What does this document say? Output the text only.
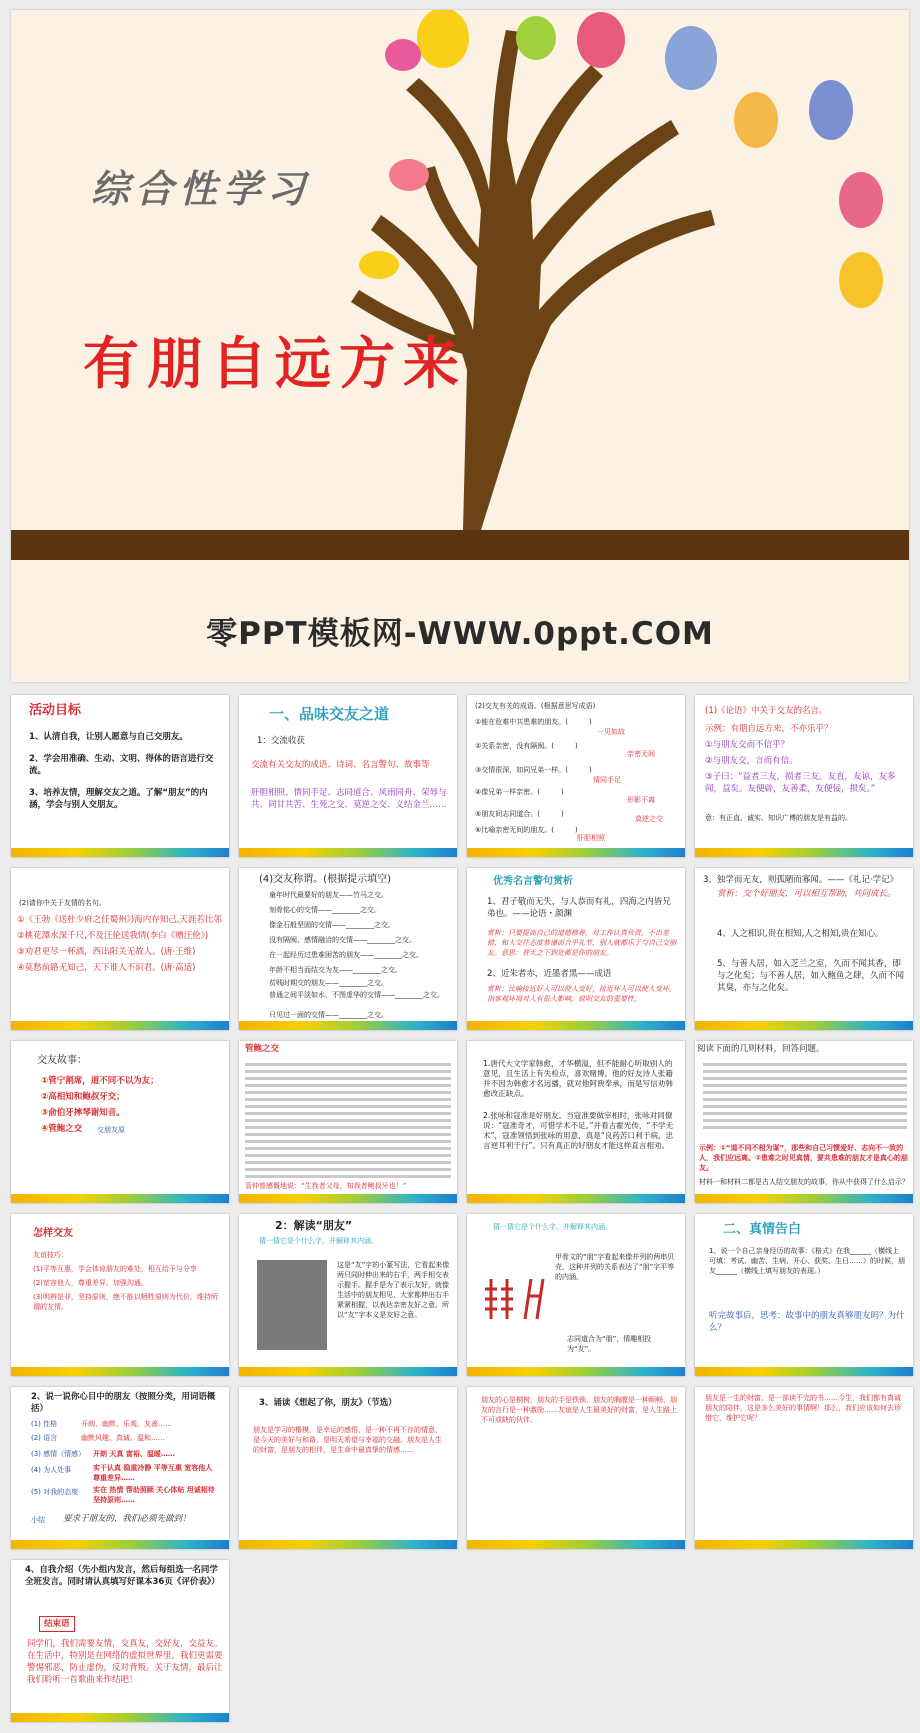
综合性学习
有朋自远方来
零PPT模板网-WWW.0ppt.COM
活动目标
1、认清自我，让别人愿意与自己交朋友。
2、学会用准确、生动、文明、得体的语言进行交流。
3、培养友情，理解交友之道。了解“朋友”的内涵，学会与别人交朋友。
一、品味交友之道
1：交流收获
交流有关交友的成语、诗词、名言警句、故事等
肝胆相照、情同手足、志同道合、风雨同舟、荣辱与共、同甘共苦、生死之交、莫逆之交、义结金兰……
(2)交友有关的成语。(根据意思写成语)
①能在危难中共患难的朋友。(　　　)
②关系亲密，没有隔阂。(　　　)
③交情很深，如同兄弟一样。(　　　)
④像兄弟一样亲密。(　　　)
⑤朋友间志同道合。(　　　)
⑥比喻亲密无间的朋友。(　　　)
一见如故
亲密无间
情同手足
形影不离
莫逆之交
肝胆相照
(1)《论语》中关于交友的名言。
示例：有朋自远方来，不亦乐乎？
①与朋友交而不信乎？
②与朋友交，言而有信。
③子曰：“益者三友，损者三友。友直，友谅，友多闻，益矣。友便辟，友善柔，友便佞，损矣。”
意：有正直、诚实、知识广博的朋友是有益的。
(2)请你中关于友情的名句。
①《王勃《送杜少府之任蜀州》)海内存知己,天涯若比邻
②桃花潭水深千尺,不及汪伦送我情(李白《赠汪伦》)
③劝君更尽一杯酒，西出阳关无故人。(唐·王维)
④莫愁前路无知己，天下谁人不识君。(唐·高适)
(4)交友称谓。(根据提示填空)
童年时代最要好的朋友——竹马之交。
刻骨铭心的交情——________之交。
像金石般坚固的交情——________之交。
没有隔阂、感情融洽的交情——________之交。
在一起经历过患难困苦的朋友——________之交。
年龄不相当而结交为友——________之交。
贫贱时期交的朋友——________之交。
普通之间平淡如水，不图虚华的交情——________之交。
只见过一面的交情——________之交。
优秀名言警句赏析
1、君子敬而无失，与人恭而有礼，四海之内皆兄弟也。——论语・颜渊
赏析：只要提高自己的道德修养，对工作认真负责，不出差错，和人交往态度恭谨而合乎礼节，别人就都乐于与自己交朋友。意思：普天之下到处都是你的朋友。
2、近朱者赤，近墨者黑——成语
赏析：比喻接近好人可以使人变好，接近坏人可以使人变坏。指客观环境对人有很大影响，说明交友的重要性。
3、独学而无友，则孤陋而寡闻。——《礼记·学记》
赏析：交个好朋友，可以相互帮助，共同成长。
4、人之相识,贵在相知,人之相知,贵在知心。
5、与善人居，如入芝兰之室，久而不闻其香，即与之化矣；与不善人居，如入鲍鱼之肆，久而不闻其臭，亦与之化矣。
交友故事：
①管宁割席，道不同不以为友；
②高相知和鲍叔牙交；
③俞伯牙摔琴谢知音。
④管鲍之交 交朋友原
管鲍之交
管仲曾感慨地说：“生我者父母，知我者鲍叔牙也！”
1.唐代大文学家韩愈，才华横溢，但不能耐心听取别人的意见，且生活上有失检点，喜欢赌博。他的好友诗人张籍并不因为韩愈才名远播，就对他阿谀奉承，而是写信劝韩愈改正缺点。
2.张咏和寇准是好朋友。当寇准要做宰相时，张咏对同僚说：“寇准奇才，可惜学术不足。”并看古霍光传，“不学无术”，寇准领悟到张咏的用意，真是“良药苦口利于病，忠言逆耳利于行”。只有真正的好朋友才能这样直言相劝。
阅读下面的几则材料，回答问题。
示例：①“道不同不相为谋”，那些和自己习惯爱好、志向不一致的人，我们应远离。②患难之时见真情，要共患难的朋友才是真心的朋友。
材料一和材料二都是古人结交朋友的故事，你从中获得了什么启示？
怎样交友
友谊技巧：
(1)平等互惠，学会体谅朋友的难处，相互给予与分享
(2)宽容他人，尊重差异，加强沟通。
(3)明辨是非，坚持原则，绝不能以牺牲原则为代价，维持所谓的友情。
2：解读“朋友”
猜一猜它是个什么字，并解释其内涵。
这是“友”字的小篆写法，它看起来像两只同时伸出来的右手，两手相交表示握手。握手是为了表示友好，就像生活中的朋友相见，大家都伸出右手紧紧相握，以表达亲密友好之意。所以“友”字本义是友好之意。
猜一猜它是个什么字，并解释其内涵。
甲骨文的“朋”字看起来像并列的两串贝壳，这种并列的关系表达了“朋”字平等的内涵。
志同道合为“朋”，情趣相投为“友”。
二、真情告白
1、说一个自己亲身经历的故事：《格式》在我______（横线上可填：考试、幽苦、生病、开心、获奖、生日……）的时候，朋友______（横线上填写朋友的表现。）
听完故事后，思考：故事中的朋友真够朋友吗？为什么？
2、说一说你心目中的朋友（按照分类，用词语概括）
(1) 性格	开朗、幽默、乐观、友善……
(2) 语言	幽默风趣、真诚、温和……
(3) 感情（情感） 开朗 天真 富裕、温暖……
(4) 为人处事	实干认真 稳重冷静 平等互惠 宽容他人 尊重差异……
(5) 对我的态度 实在 热情 帮助照顾 关心体贴 坦诚相待 坚持原则……
小结 要求于朋友的，我们必须先做到！
3、诵读《想起了你，朋友》（节选）
朋友是学习的楷模，是幸运的感悟，是一种不再不存的情意，是今天的美好与和谐，是明天希望与幸福的交融。朋友是人生的财富，是朋友的相伴，是生命中最真挚的情感……
朋友的心是桐树，朋友的手是铁锁，朋友的胸膛是一种顺畅，朋友的言行是一种激励……友谊是人生最美好的财富，是人生路上不可或缺的伙伴。
朋友是一生的财富，是一部读不完的书……今生，我们都有真诚朋友的陪伴，这是多么美好的事情啊！那么，我们应该如何去珍惜它，维护它呢？
4、自我介绍（先小组内发言，然后每组选一名同学全班发言。同时请认真填写好课本36页《评价表》）
结束语
同学们，我们需要友情，交真友，交好友，交益友。在生活中，特别是在网络的虚拟世界里，我们更需要警惕邪恶，防止虚伪，反对背叛。关于友情，最后让我们聆听一首歌曲来作结吧！
